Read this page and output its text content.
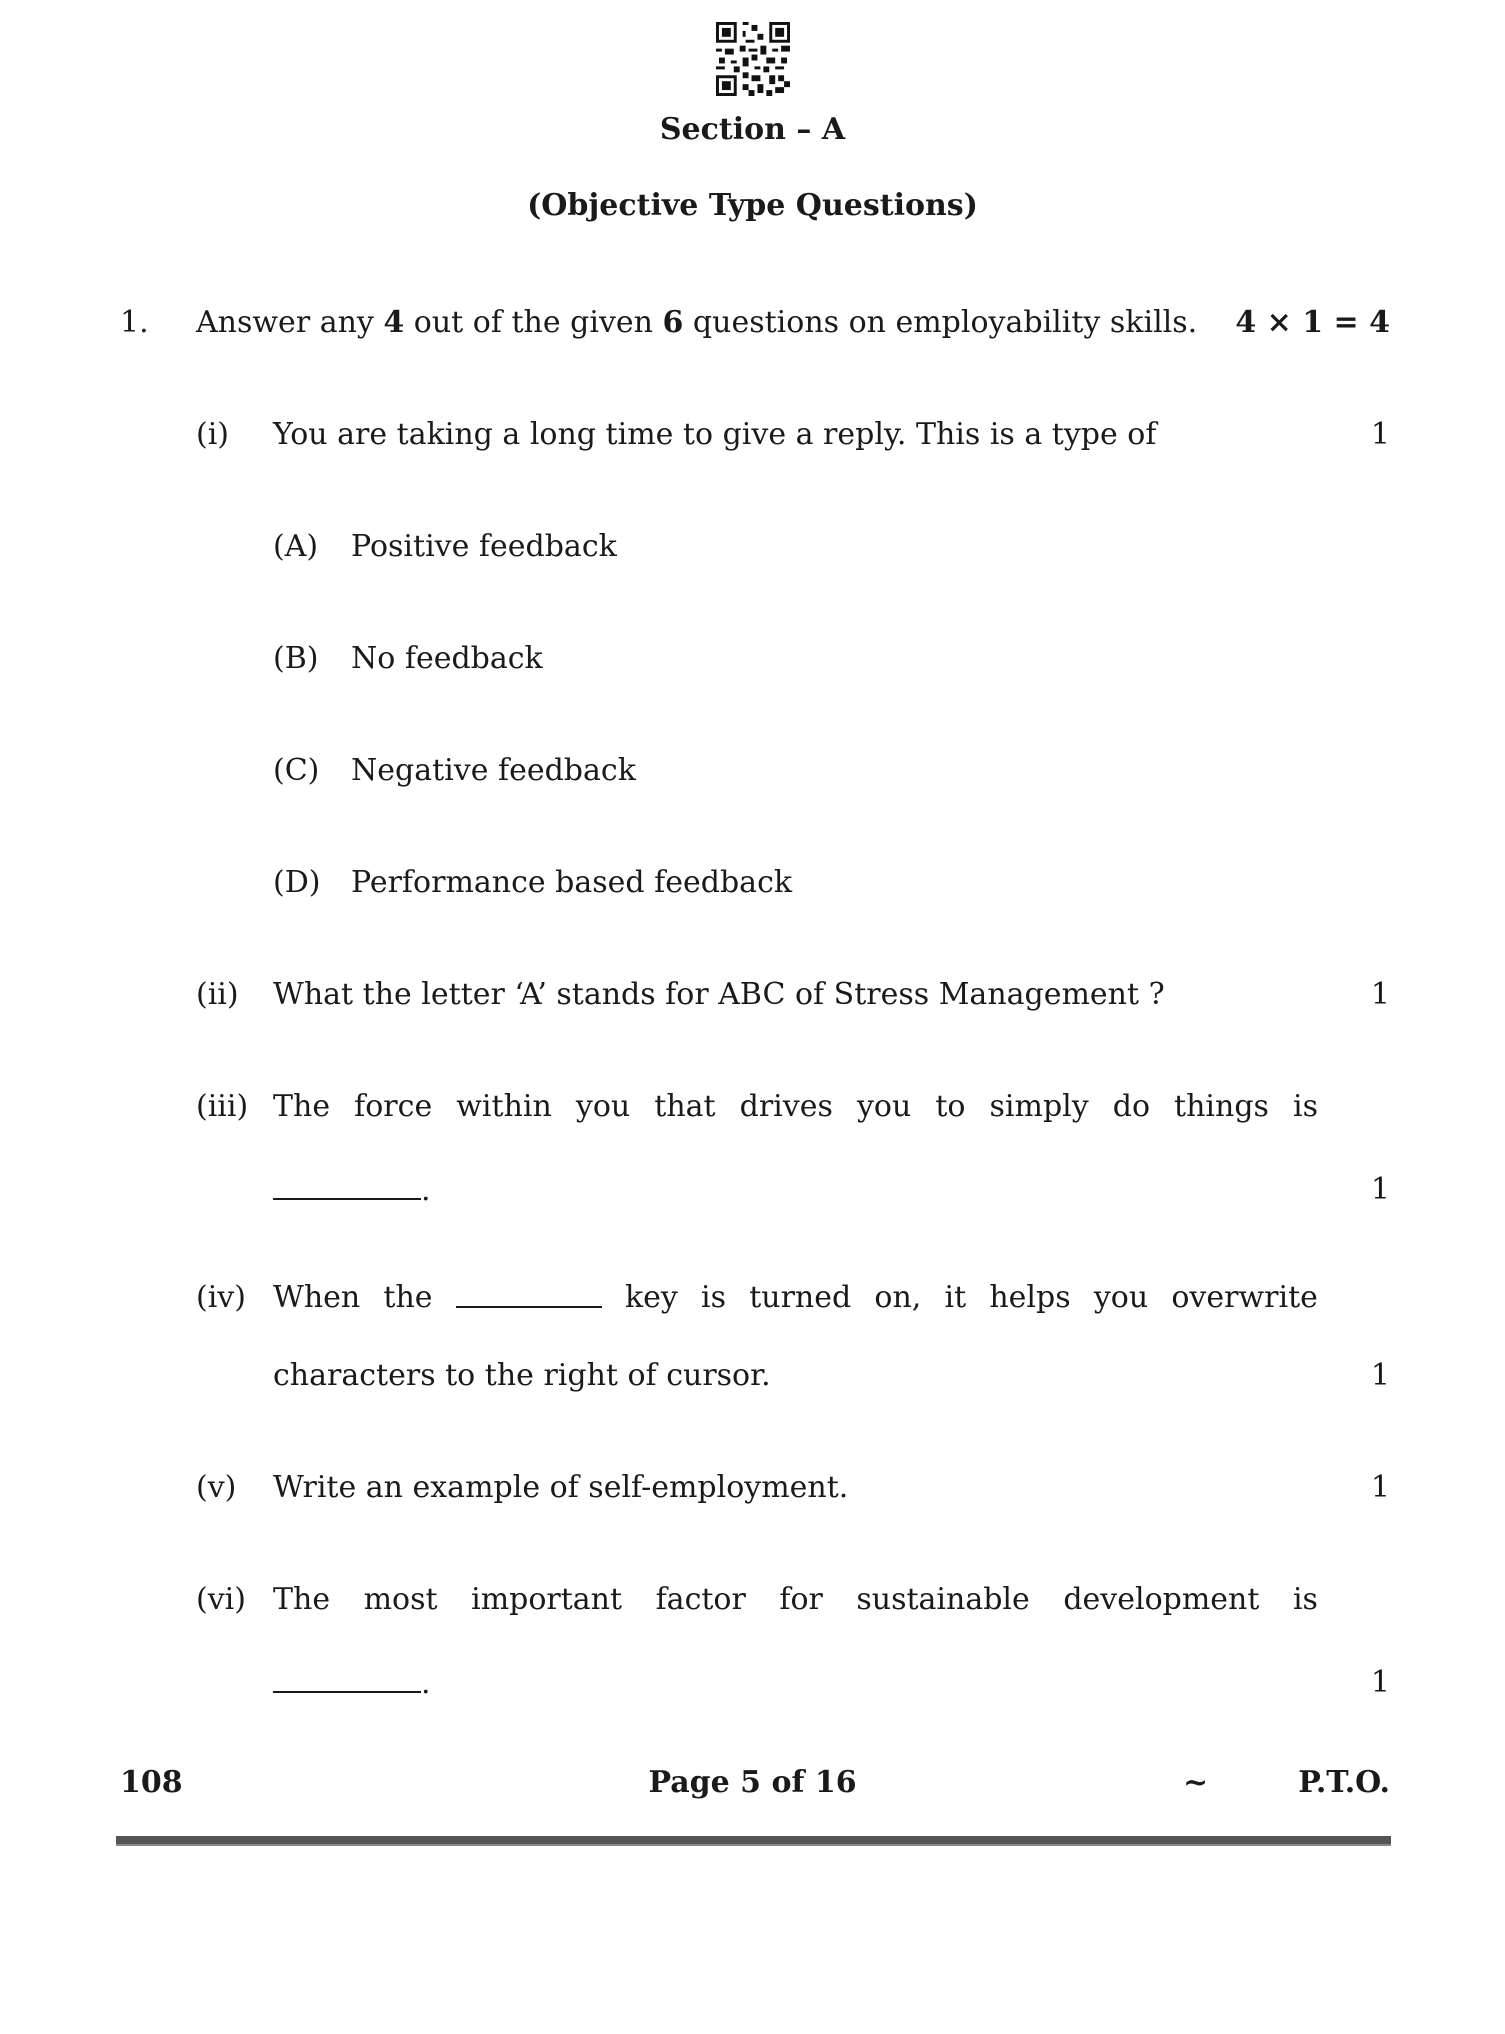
Section – A
(Objective Type Questions)
1. Answer any 4 out of the given 6 questions on employability skills.	4 × 1 = 4
(i) You are taking a long time to give a reply. This is a type of	1
(A) Positive feedback
(B) No feedback
(C) Negative feedback
(D) Performance based feedback
(ii) What the letter ‘A’ stands for ABC of Stress Management ?	1
(iii) The force within you that drives you to simply do things is
.	1
(iv) When the	key is turned on, it helps you overwrite
characters to the right of cursor.	1
(v) Write an example of self-employment.	1
(vi) The most important factor for sustainable development is
.	1
108	Page 5 of 16	~	P.T.O.
